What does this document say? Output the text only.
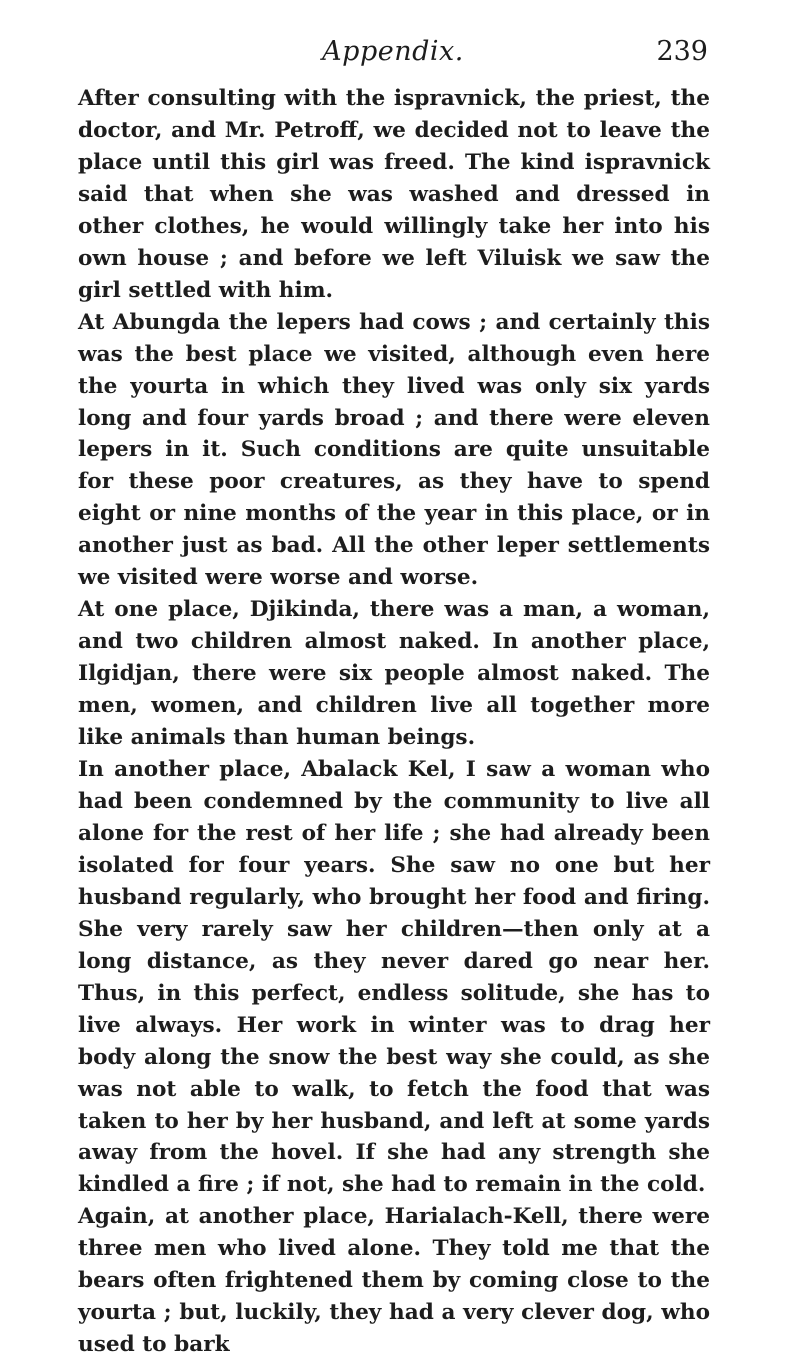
Appendix.	239

After consulting with the ispravnick, the priest, the doctor, and Mr. Petroff, we decided not to leave the place until this girl was freed. The kind ispravnick said that when she was washed and dressed in other clothes, he would willingly take her into his own house ; and before we left Viluisk we saw the girl settled with him.

At Abungda the lepers had cows ; and certainly this was the best place we visited, although even here the yourta in which they lived was only six yards long and four yards broad ; and there were eleven lepers in it. Such conditions are quite unsuitable for these poor creatures, as they have to spend eight or nine months of the year in this place, or in another just as bad. All the other leper settlements we visited were worse and worse.

At one place, Djikinda, there was a man, a woman, and two children almost naked. In another place, Ilgidjan, there were six people almost naked. The men, women, and children live all together more like animals than human beings.

In another place, Abalack Kel, I saw a woman who had been condemned by the community to live all alone for the rest of her life ; she had already been isolated for four years. She saw no one but her husband regularly, who brought her food and firing. She very rarely saw her children—then only at a long distance, as they never dared go near her. Thus, in this perfect, endless solitude, she has to live always. Her work in winter was to drag her body along the snow the best way she could, as she was not able to walk, to fetch the food that was taken to her by her husband, and left at some yards away from the hovel. If she had any strength she kindled a fire ; if not, she had to remain in the cold.

Again, at another place, Harialach-Kell, there were three men who lived alone. They told me that the bears often frightened them by coming close to the yourta ; but, luckily, they had a very clever dog, who used to bark
